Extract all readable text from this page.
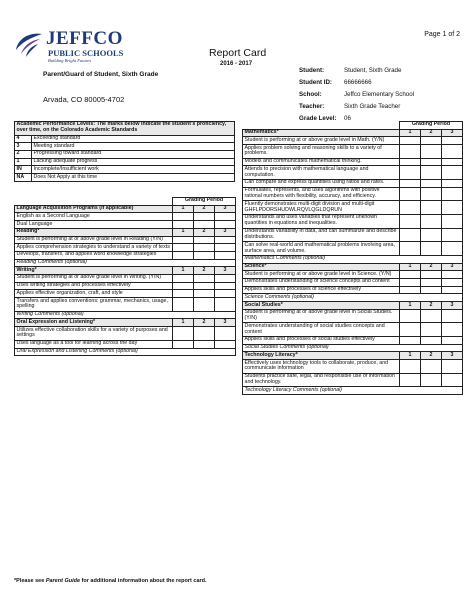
JEFFCO
PUBLIC SCHOOLS
Building Bright Futures
Page 1 of 2
Report Card
2016 - 2017
Parent/Guard of Student, Sixth Grade
Arvada, CO 80005-4702
Student:	Student, Sixth Grade
Student ID:	66666666
School:	Jeffco Elementary School
Teacher:	Sixth Grade Teacher
Grade Level:	06
Academic Performance Levels: The marks below indicate the student's proficiency, over time, on the Colorado Academic Standards	
4	Exceeding standard
3	Meeting standard
2	Progressing toward standard
1	Lacking adequate progress
IN	Incomplete/Insufficient work
NA	Does Not Apply at this time
	Grading Period		
Language Acquisition Programs (if applicable)	1	2	3
English as a Second Language			
Dual Language			
Reading*	1	2	3
Student is performing at or above grade level in Reading (Y/N)			
Applies comprehension strategies to understand a variety of texts			
Develops, transfers, and applies word knowledge strategies			
Reading Comments (optional)			
Writing*	1	2	3
Student is performing at or above grade level in Writing. (Y/N)			
Uses writing strategies and processes effectively			
Applies effective organization, craft, and style			
Transfers and applies conventions: grammar, mechanics, usage, spelling			
Writing Comments (optional)			
Oral Expression and Listening*	1	2	3
Utilizes effective collaboration skills for a variety of purposes and settings			
Uses language as a tool for learning across the day			
Oral Expression and Listening Comments (optional)			
	Grading Period		
Mathematics*	1	2	3
Student is performing at or above grade level in Math. (Y/N)			
Applies problem solving and reasoning skills to a variety of problems.			
Models and communicates mathematical thinking.			
Attends to precision with mathematical language and computation.			
Can compare and express quantities using ratios and rates.			
Formulates, represents, and uses algorithms with positive rational numbers with flexibility, accuracy, and efficiency.			
Fluently demonstrates multi-digit division and multi-digit GHFLPDORSHUDWLRQVLQGLDQRUN			
Understands and uses variables that represent unknown quantities in equations and inequalities.			
Understands variability in data, and can summarize and describe distributions.			
Can solve real-world and mathematical problems involving area, surface area, and volume.			
Mathematics Comments (optional)			
Science*	1	2	3
Student is performing at or above grade level in Science. (Y/N)			
Demonstrates understanding of science concepts and content			
Applies skills and processes of science effectively			
Science Comments (optional)			
Social Studies*	1	2	3
Student is performing at or above grade level in Social Studies. (Y/N)			
Demonstrates understanding of social studies concepts and content			
Applies skills and processes of social studies effectively			
Social Studies Comments (optional)			
Technology Literacy*	1	2	3
Effectively uses technology tools to collaborate, produce, and communicate information			
Students practice safe, legal, and responsible use of information and technology.			
Technology Literacy Comments (optional)			
*Please see Parent Guide for additional information about the report card.
